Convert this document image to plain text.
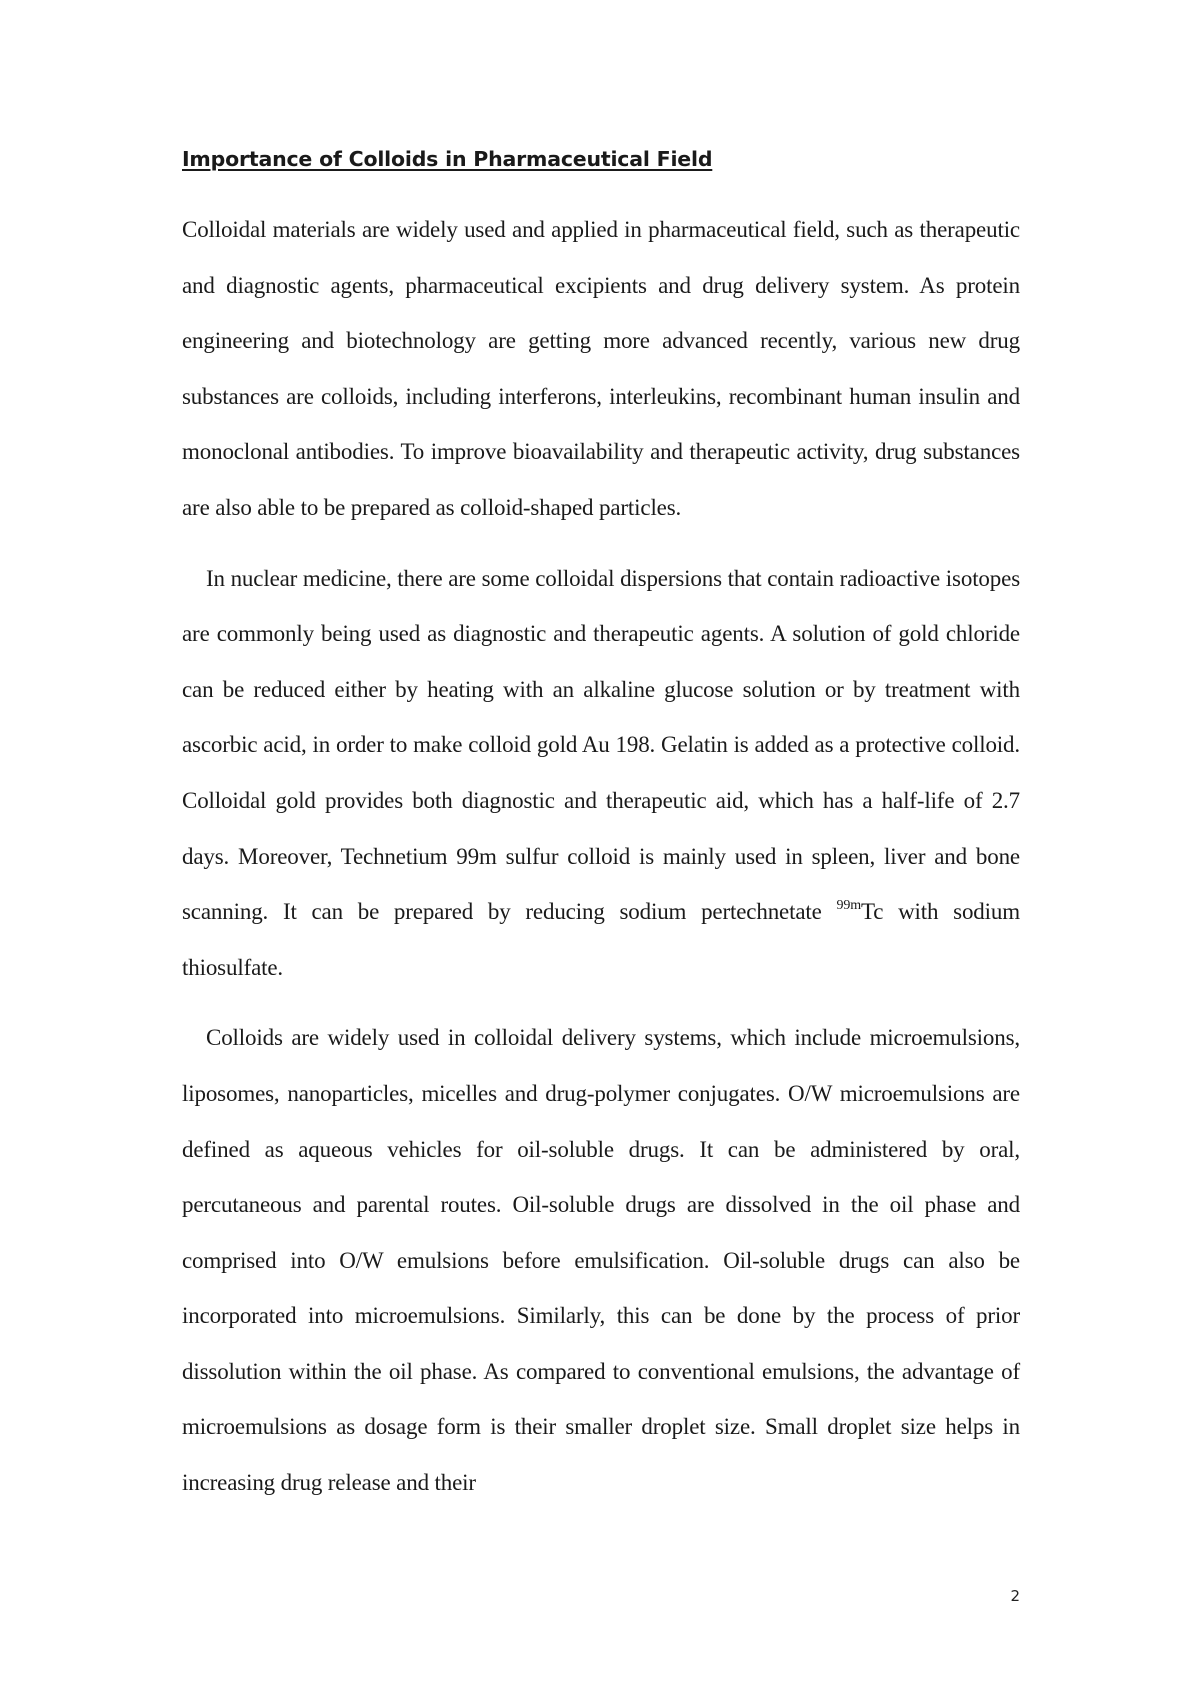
Importance of Colloids in Pharmaceutical Field

Colloidal materials are widely used and applied in pharmaceutical field, such as therapeutic and diagnostic agents, pharmaceutical excipients and drug delivery system. As protein engineering and biotechnology are getting more advanced recently, various new drug substances are colloids, including interferons, interleukins, recombinant human insulin and monoclonal antibodies. To improve bioavailability and therapeutic activity, drug substances are also able to be prepared as colloid-shaped particles.

In nuclear medicine, there are some colloidal dispersions that contain radioactive isotopes are commonly being used as diagnostic and therapeutic agents. A solution of gold chloride can be reduced either by heating with an alkaline glucose solution or by treatment with ascorbic acid, in order to make colloid gold Au 198. Gelatin is added as a protective colloid. Colloidal gold provides both diagnostic and therapeutic aid, which has a half-life of 2.7 days. Moreover, Technetium 99m sulfur colloid is mainly used in spleen, liver and bone scanning. It can be prepared by reducing sodium pertechnetate $^{99m}$Tc with sodium thiosulfate.

Colloids are widely used in colloidal delivery systems, which include microemulsions, liposomes, nanoparticles, micelles and drug-polymer conjugates. O/W microemulsions are defined as aqueous vehicles for oil-soluble drugs. It can be administered by oral, percutaneous and parental routes. Oil-soluble drugs are dissolved in the oil phase and comprised into O/W emulsions before emulsification. Oil-soluble drugs can also be incorporated into microemulsions. Similarly, this can be done by the process of prior dissolution within the oil phase. As compared to conventional emulsions, the advantage of microemulsions as dosage form is their smaller droplet size. Small droplet size helps in increasing drug release and their

2
